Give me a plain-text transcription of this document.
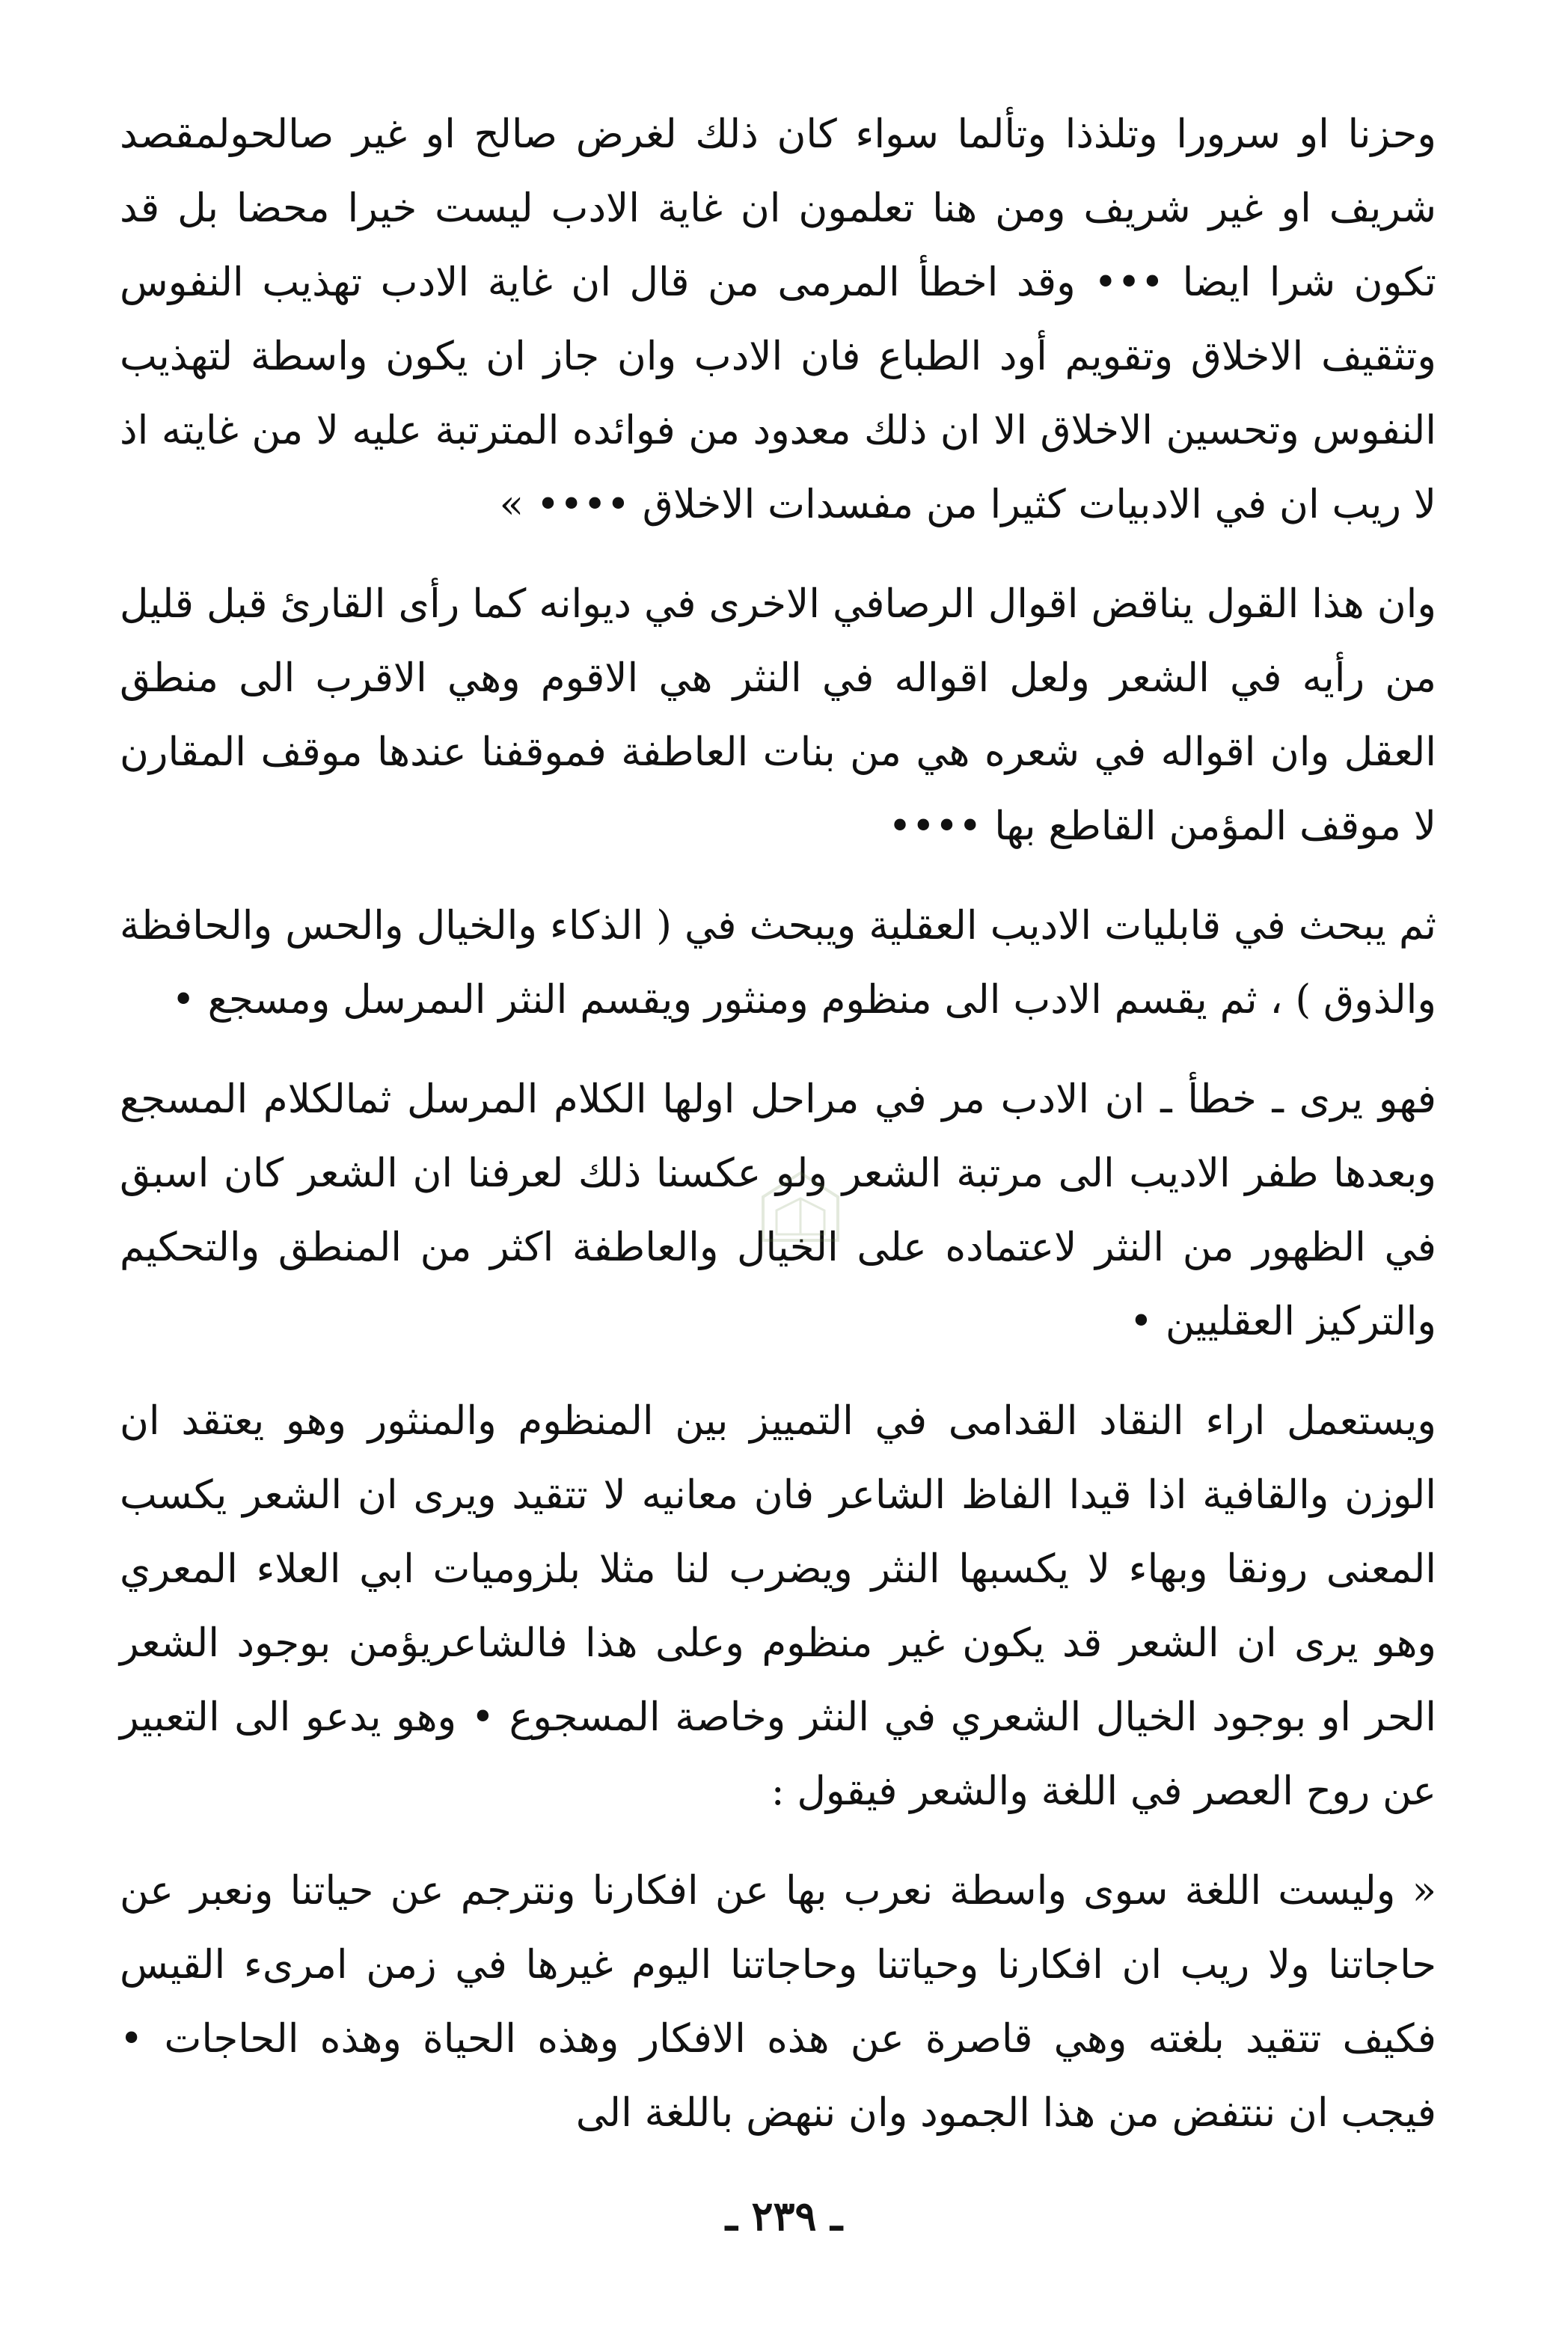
وحزنا او سرورا وتلذذا وتألما سواء كان ذلك لغرض صالح او غير صالحولمقصد شريف او غير شريف ومن هنا تعلمون ان غاية الادب ليست خيرا محضا بل قد تكون شرا ايضا ••• وقد اخطأ المرمى من قال ان غاية الادب تهذيب النفوس وتثقيف الاخلاق وتقويم أود الطباع فان الادب وان جاز ان يكون واسطة لتهذيب النفوس وتحسين الاخلاق الا ان ذلك معدود من فوائده المترتبة عليه لا من غايته اذ لا ريب ان في الادبيات كثيرا من مفسدات الاخلاق •••• »

وان هذا القول يناقض اقوال الرصافي الاخرى في ديوانه كما رأى القارئ قبل قليل من رأيه في الشعر ولعل اقواله في النثر هي الاقوم وهي الاقرب الى منطق العقل وان اقواله في شعره هي من بنات العاطفة فموقفنا عندها موقف المقارن لا موقف المؤمن القاطع بها ••••

ثم يبحث في قابليات الاديب العقلية ويبحث في ( الذكاء والخيال والحس والحافظة والذوق ) ، ثم يقسم الادب الى منظوم ومنثور ويقسم النثر الىمرسل ومسجع •

فهو يرى ـ خطأ ـ ان الادب مر في مراحل اولها الكلام المرسل ثمالكلام المسجع وبعدها طفر الاديب الى مرتبة الشعر ولو عكسنا ذلك لعرفنا ان الشعر كان اسبق في الظهور من النثر لاعتماده على الخيال والعاطفة اكثر من المنطق والتحكيم والتركيز العقليين •

ويستعمل اراء النقاد القدامى في التمييز بين المنظوم والمنثور وهو يعتقد ان الوزن والقافية اذا قيدا الفاظ الشاعر فان معانيه لا تتقيد ويرى ان الشعر يكسب المعنى رونقا وبهاء لا يكسبها النثر ويضرب لنا مثلا بلزوميات ابي العلاء المعري وهو يرى ان الشعر قد يكون غير منظوم وعلى هذا فالشاعريؤمن بوجود الشعر الحر او بوجود الخيال الشعري في النثر وخاصة المسجوع • وهو يدعو الى التعبير عن روح العصر في اللغة والشعر فيقول :

« وليست اللغة سوى واسطة نعرب بها عن افكارنا ونترجم عن حياتنا ونعبر عن حاجاتنا ولا ريب ان افكارنا وحياتنا وحاجاتنا اليوم غيرها في زمن امرىء القيس فكيف تتقيد بلغته وهي قاصرة عن هذه الافكار وهذه الحياة وهذه الحاجات • فيجب ان ننتفض من هذا الجمود وان ننهض باللغة الى

ـ ٢٣٩ ـ
